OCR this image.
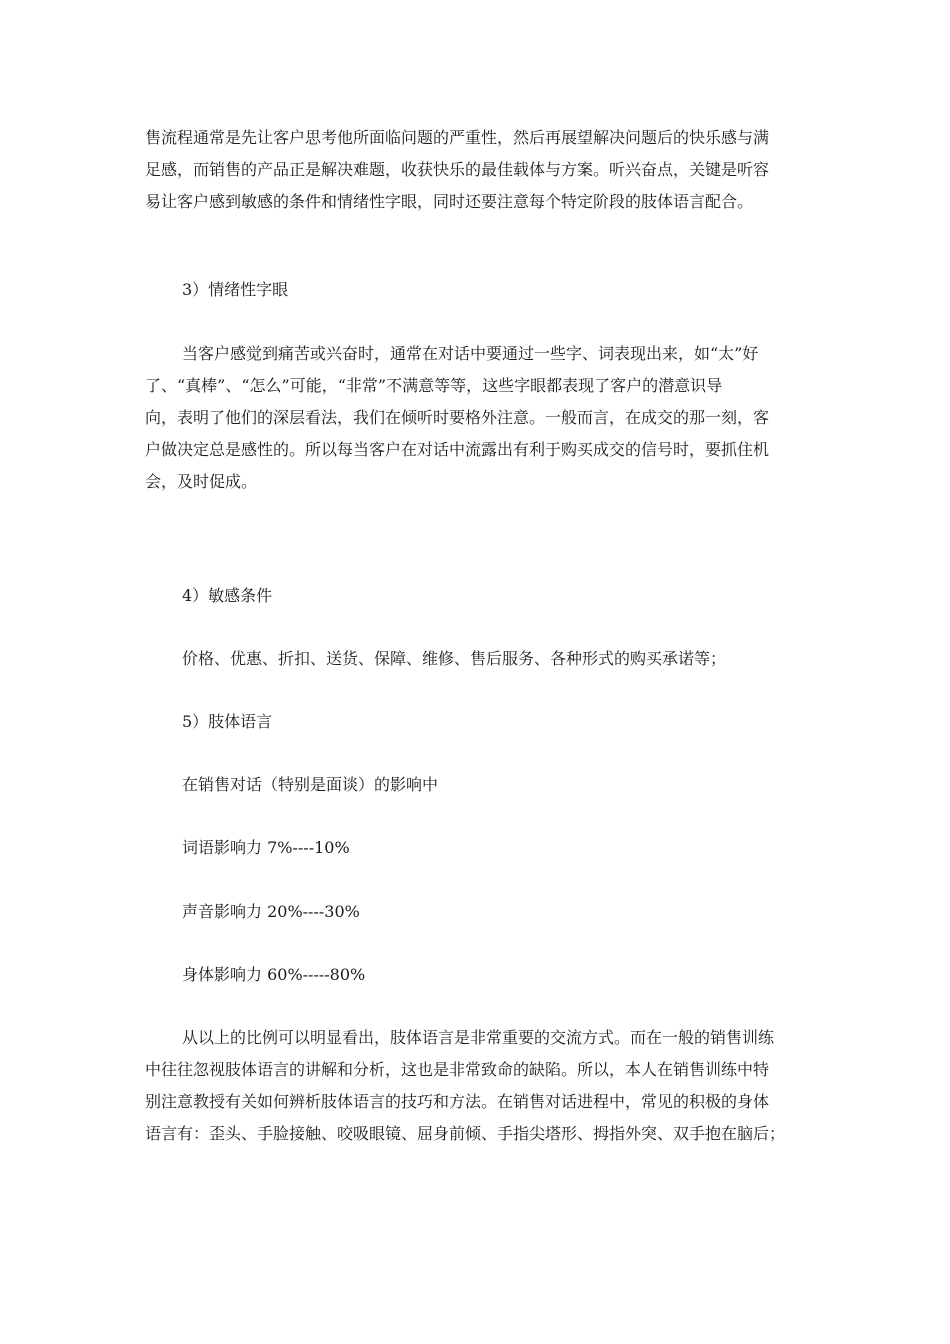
售流程通常是先让客户思考他所面临问题的严重性，然后再展望解决问题后的快乐感与满
足感，而销售的产品正是解决难题，收获快乐的最佳载体与方案。听兴奋点，关键是听容
易让客户感到敏感的条件和情绪性字眼，同时还要注意每个特定阶段的肢体语言配合。
3）情绪性字眼
当客户感觉到痛苦或兴奋时，通常在对话中要通过一些字、词表现出来，如“太”好
了、“真棒”、“怎么”可能，“非常”不满意等等，这些字眼都表现了客户的潜意识导
向，表明了他们的深层看法，我们在倾听时要格外注意。一般而言，在成交的那一刻，客
户做决定总是感性的。所以每当客户在对话中流露出有利于购买成交的信号时，要抓住机
会，及时促成。
4）敏感条件
价格、优惠、折扣、送货、保障、维修、售后服务、各种形式的购买承诺等；
5）肢体语言
在销售对话（特别是面谈）的影响中
词语影响力 7%----10%
声音影响力 20%----30%
身体影响力 60%-----80%
从以上的比例可以明显看出，肢体语言是非常重要的交流方式。而在一般的销售训练
中往往忽视肢体语言的讲解和分析，这也是非常致命的缺陷。所以，本人在销售训练中特
别注意教授有关如何辨析肢体语言的技巧和方法。在销售对话进程中，常见的积极的身体
语言有：歪头、手脸接触、咬吸眼镜、屈身前倾、手指尖塔形、拇指外突、双手抱在脑后；
